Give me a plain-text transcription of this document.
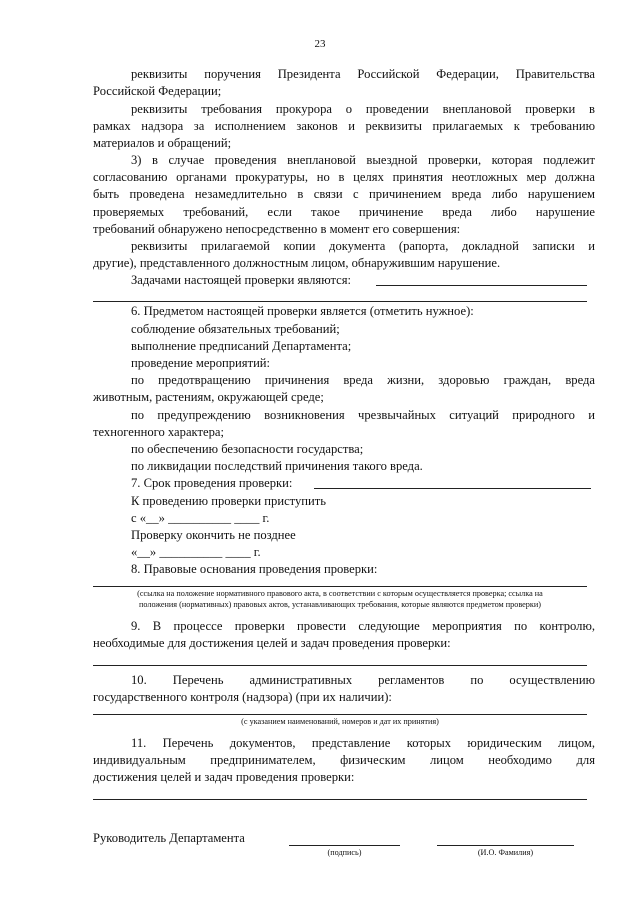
23
реквизиты поручения Президента Российской Федерации, Правительства
Российской Федерации;
реквизиты требования прокурора о проведении внеплановой проверки в
рамках надзора за исполнением законов и реквизиты прилагаемых к требованию
материалов и обращений;
3) в случае проведения внеплановой выездной проверки, которая подлежит
согласованию органами прокуратуры, но в целях принятия неотложных мер должна
быть проведена незамедлительно в связи с причинением вреда либо нарушением
проверяемых требований, если такое причинение вреда либо нарушение
требований обнаружено непосредственно в момент его совершения:
реквизиты прилагаемой копии документа (рапорта, докладной записки и
другие), представленного должностным лицом, обнаружившим нарушение.
Задачами настоящей проверки являются:
6. Предметом настоящей проверки является (отметить нужное):
соблюдение обязательных требований;
выполнение предписаний Департамента;
проведение мероприятий:
по предотвращению причинения вреда жизни, здоровью граждан, вреда
животным, растениям, окружающей среде;
по предупреждению возникновения чрезвычайных ситуаций природного и
техногенного характера;
по обеспечению безопасности государства;
по ликвидации последствий причинения такого вреда.
7. Срок проведения проверки:
К проведению проверки приступить
с «__» __________ ____ г.
Проверку окончить не позднее
«__» __________ ____ г.
8. Правовые основания проведения проверки:
(ссылка на положение нормативного правового акта, в соответствии с которым осуществляется проверка; ссылка на
положения (нормативных) правовых актов, устанавливающих требования, которые являются предметом проверки)
9. В процессе проверки провести следующие мероприятия по контролю,
необходимые для достижения целей и задач проведения проверки:
10. Перечень административных регламентов по осуществлению
государственного контроля (надзора) (при их наличии):
(с указанием наименований, номеров и дат их принятия)
11. Перечень документов, представление которых юридическим лицом,
индивидуальным предпринимателем, физическим лицом необходимо для
достижения целей и задач проведения проверки:
Руководитель Департамента
(подпись)	(И.О. Фамилия)
